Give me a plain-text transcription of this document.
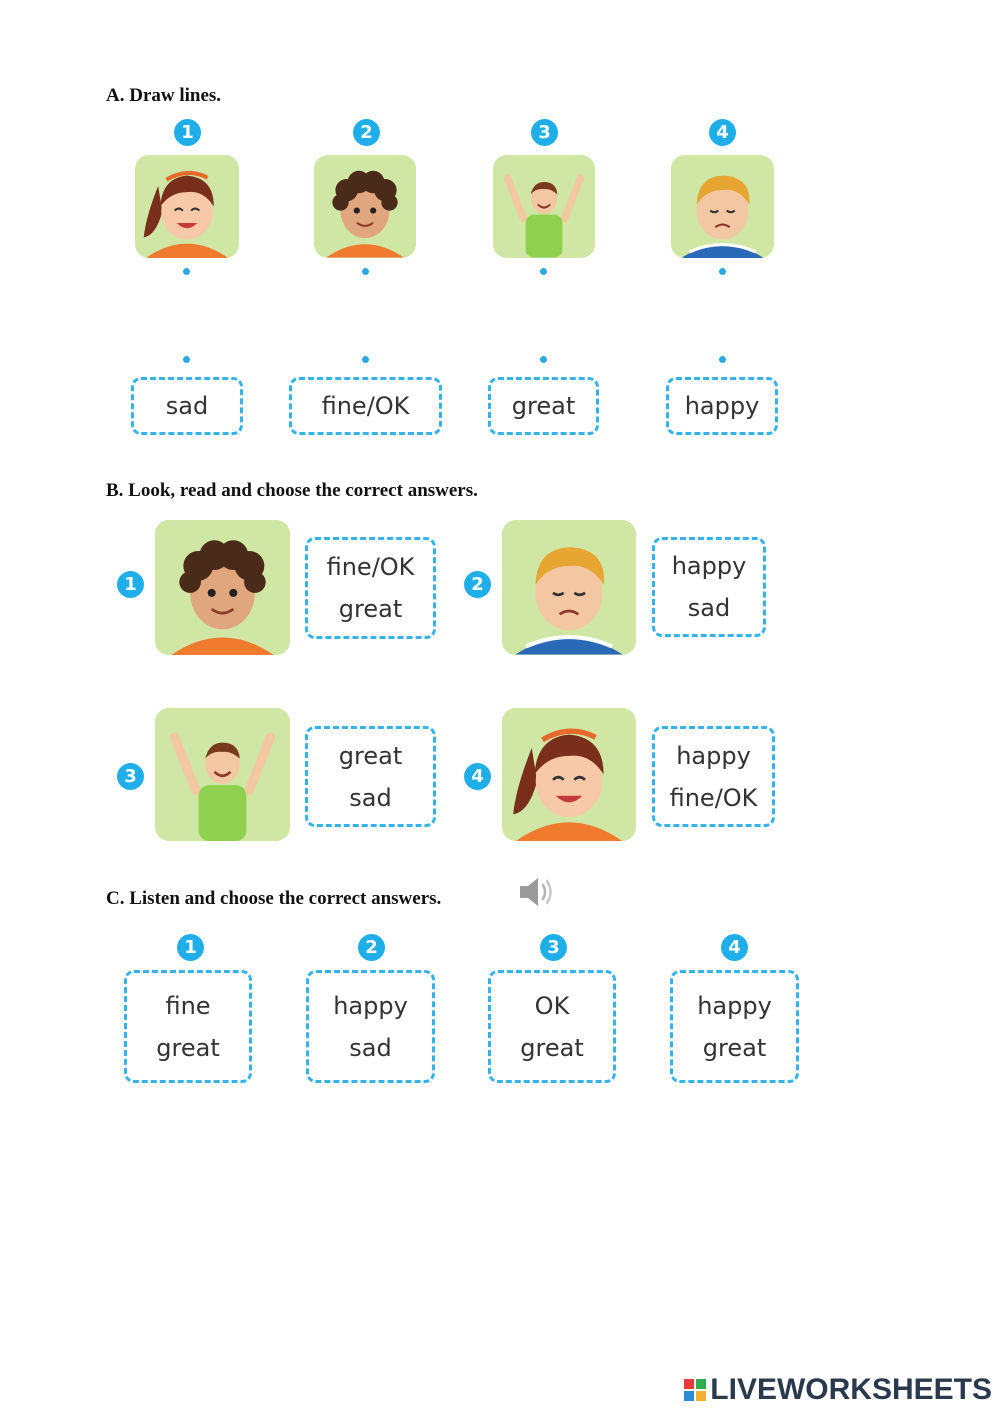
A. Draw lines.
1	2	3	4
sad	fine/OK	great	happy
B. Look, read and choose the correct answers.
1
fine/OK
great
2
happy
sad
3
great
sad
4
happy
fine/OK
C. Listen and choose the correct answers.
1	2	3	4
fine
great
happy
sad
OK
great
happy
great
LIVEWORKSHEETS
